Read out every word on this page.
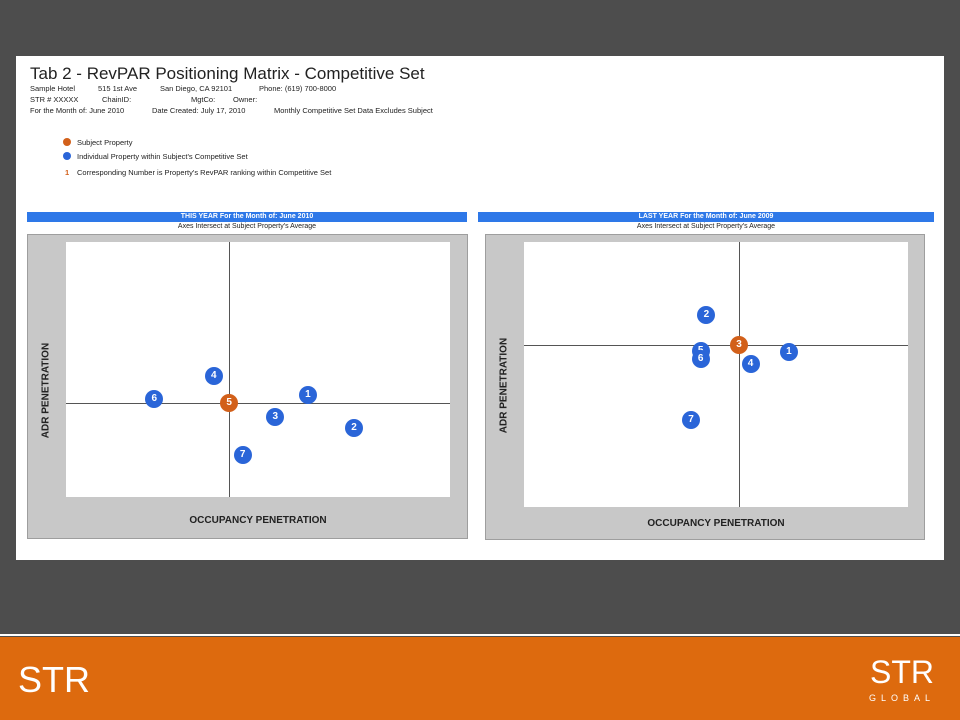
Tab 2 - RevPAR Positioning Matrix - Competitive Set
Sample Hotel	515 1st Ave	San Diego, CA 92101	Phone: (619) 700-8000
STR # XXXXX	ChainID:	MgtCo: Owner:
For the Month of: June 2010	Date Created: July 17, 2010	Monthly Competitive Set Data Excludes Subject
Subject Property
Individual Property within Subject's Competitive Set
1 Corresponding Number is Property's RevPAR ranking within Competitive Set
THIS YEAR For the Month of: June 2010
Axes Intersect at Subject Property's Average
5
1
2
3
4
6
7
ADR PENETRATION
OCCUPANCY PENETRATION
LAST YEAR For the Month of: June 2009
Axes Intersect at Subject Property's Average
3
1
2
4
6
7
ADR PENETRATION
OCCUPANCY PENETRATION
STR	STR
GLOBAL
